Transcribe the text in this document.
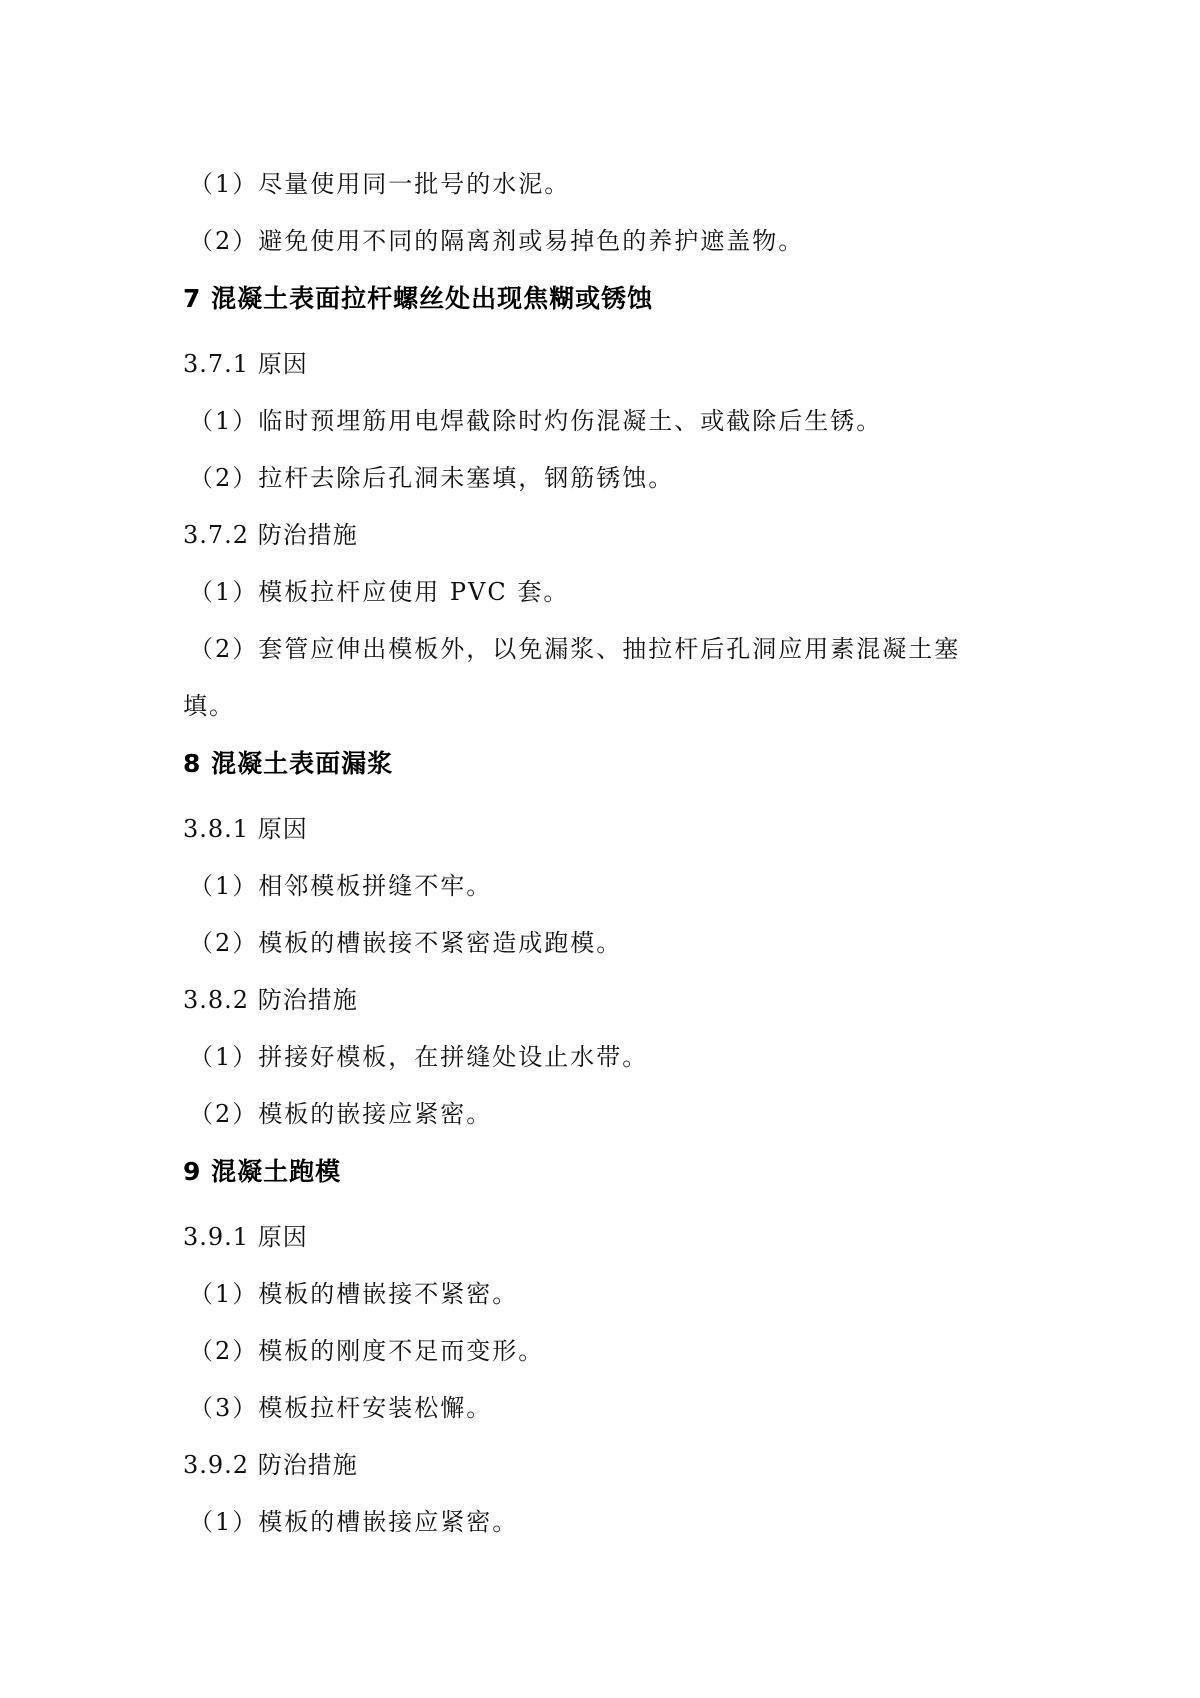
（1）尽量使用同一批号的水泥。
（2）避免使用不同的隔离剂或易掉色的养护遮盖物。
7 混凝土表面拉杆螺丝处出现焦糊或锈蚀
3.7.1 原因
（1）临时预埋筋用电焊截除时灼伤混凝土、或截除后生锈。
（2）拉杆去除后孔洞未塞填，钢筋锈蚀。
3.7.2 防治措施
（1）模板拉杆应使用 PVC 套。
（2）套管应伸出模板外，以免漏浆、抽拉杆后孔洞应用素混凝土塞
填。
8 混凝土表面漏浆
3.8.1 原因
（1）相邻模板拼缝不牢。
（2）模板的槽嵌接不紧密造成跑模。
3.8.2 防治措施
（1）拼接好模板，在拼缝处设止水带。
（2）模板的嵌接应紧密。
9 混凝土跑模
3.9.1 原因
（1）模板的槽嵌接不紧密。
（2）模板的刚度不足而变形。
（3）模板拉杆安装松懈。
3.9.2 防治措施
（1）模板的槽嵌接应紧密。
